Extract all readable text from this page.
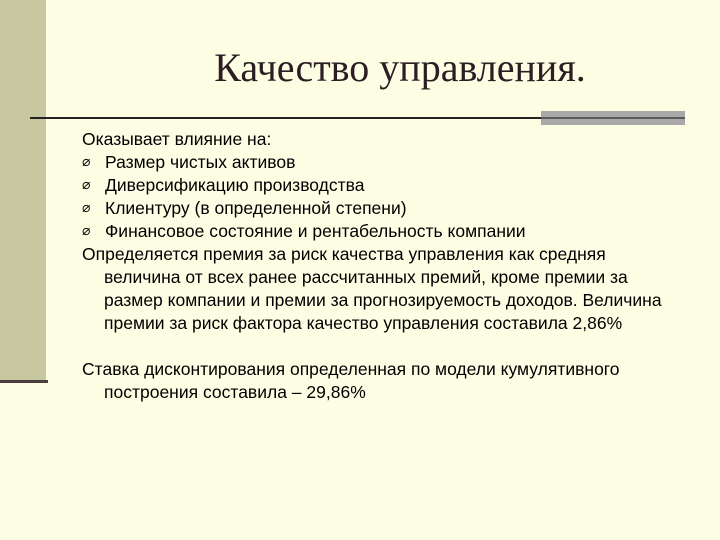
Качество управления.

Оказывает влияние на:

⌀ Размер чистых активов

⌀ Диверсификацию производства

⌀ Клиентуру (в определенной степени)

⌀ Финансовое состояние и рентабельность компании

Определяется премия за риск качества управления как средняя величина от всех ранее рассчитанных премий, кроме премии за размер компании и премии за прогнозируемость доходов. Величина премии за риск фактора качество управления составила 2,86%

Ставка дисконтирования определенная по модели кумулятивного построения составила – 29,86%
